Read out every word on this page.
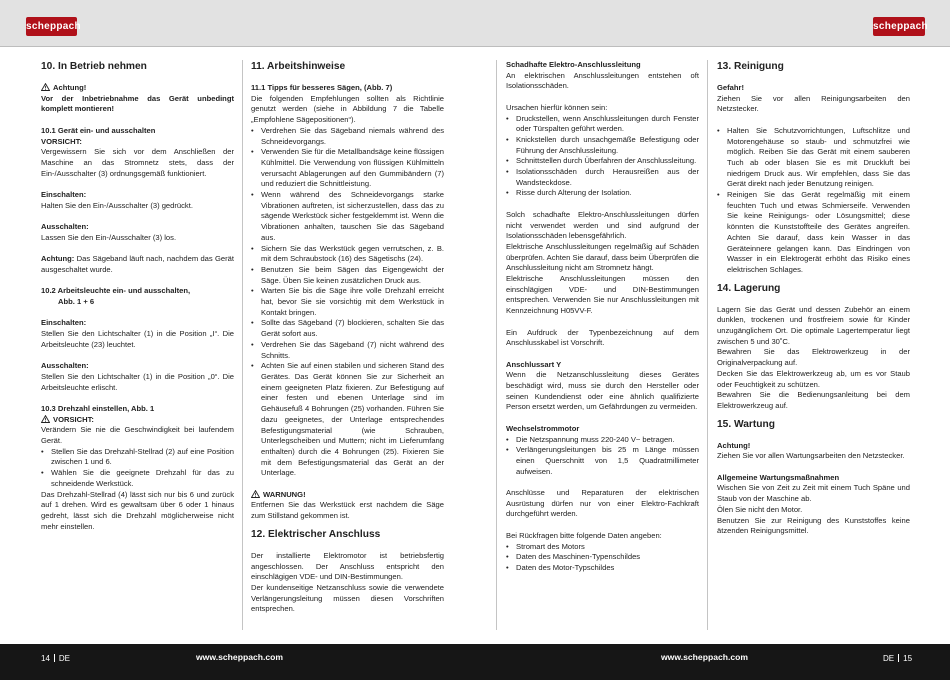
scheppach	scheppach
10. In Betrieb nehmen

Achtung!

Vor der Inbetriebnahme das Gerät unbedingt komplett montieren!

10.1 Gerät ein- und ausschalten

VORSICHT:

Vergewissern Sie sich vor dem Anschließen der Maschine an das Stromnetz stets, dass der Ein-/Ausschalter (3) ordnungsgemäß funktioniert.

Einschalten:

Halten Sie den Ein-/Ausschalter (3) gedrückt.

Ausschalten:

Lassen Sie den Ein-/Ausschalter (3) los.

Achtung: Das Sägeband läuft nach, nachdem das Gerät ausgeschaltet wurde.

10.2 Arbeitsleuchte ein- und ausschalten,

Abb. 1 + 6

Einschalten:

Stellen Sie den Lichtschalter (1) in die Position „I“. Die Arbeitsleuchte (23) leuchtet.

Ausschalten:

Stellen Sie den Lichtschalter (1) in die Position „0“. Die Arbeitsleuchte erlischt.

10.3 Drehzahl einstellen, Abb. 1

VORSICHT:

Verändern Sie nie die Geschwindigkeit bei laufendem Gerät.

• Stellen Sie das Drehzahl-Stellrad (2) auf eine Position zwischen 1 und 6.

• Wählen Sie die geeignete Drehzahl für das zu schneidende Werkstück.

Das Drehzahl-Stellrad (4) lässt sich nur bis 6 und zurück auf 1 drehen. Wird es gewaltsam über 6 oder 1 hinaus gedreht, lässt sich die Drehzahl möglicherweise nicht mehr einstellen.

11. Arbeitshinweise

11.1 Tipps für besseres Sägen, (Abb. 7)

Die folgenden Empfehlungen sollten als Richtlinie genutzt werden (siehe in Abbildung 7 die Tabelle „Empfohlene Sägepositionen“).

• Verdrehen Sie das Sägeband niemals während des Schneidevorgangs.

• Verwenden Sie für die Metallbandsäge keine flüssigen Kühlmittel. Die Verwendung von flüssigen Kühlmitteln verursacht Ablagerungen auf den Gummibändern (7) und reduziert die Schnittleistung.

• Wenn während des Schneidevorgangs starke Vibrationen auftreten, ist sicherzustellen, dass das zu sägende Werkstück sicher festgeklemmt ist. Wenn die Vibrationen anhalten, tauschen Sie das Sägeband aus.

• Sichern Sie das Werkstück gegen verrutschen, z. B. mit dem Schraubstock (16) des Sägetischs (24).

• Benutzen Sie beim Sägen das Eigengewicht der Säge. Üben Sie keinen zusätzlichen Druck aus.

• Warten Sie bis die Säge ihre volle Drehzahl erreicht hat, bevor Sie sie vorsichtig mit dem Werkstück in Kontakt bringen.

• Sollte das Sägeband (7) blockieren, schalten Sie das Gerät sofort aus.

• Verdrehen Sie das Sägeband (7) nicht während des Schnitts.

• Achten Sie auf einen stabilen und sicheren Stand des Gerätes. Das Gerät können Sie zur Sicherheit an einem geeigneten Platz fixieren. Zur Befestigung auf einer festen und ebenen Unterlage sind im Gehäusefuß 4 Bohrungen (25) vorhanden. Führen Sie dazu geeignetes, der Unterlage entsprechendes Befestigungsmaterial (wie Schrauben, Unterlegscheiben und Muttern; nicht im Lieferumfang enthalten) durch die 4 Bohrungen (25). Fixieren Sie mit dem Befestigungsmaterial das Gerät an der Unterlage.

WARNUNG!

Entfernen Sie das Werkstück erst nachdem die Säge zum Stillstand gekommen ist.

12. Elektrischer Anschluss

Der installierte Elektromotor ist betriebsfertig angeschlossen. Der Anschluss entspricht den einschlägigen VDE- und DIN-Bestimmungen.

Der kundenseitige Netzanschluss sowie die verwendete Verlängerungsleitung müssen diesen Vorschriften entsprechen.

Schadhafte Elektro-Anschlussleitung

An elektrischen Anschlussleitungen entstehen oft Isolationsschäden.

Ursachen hierfür können sein:

• Druckstellen, wenn Anschlussleitungen durch Fenster oder Türspalten geführt werden.

• Knickstellen durch unsachgemäße Befestigung oder Führung der Anschlussleitung.

• Schnittstellen durch Überfahren der Anschlussleitung.

• Isolationsschäden durch Herausreißen aus der Wandsteckdose.

• Risse durch Alterung der Isolation.

Solch schadhafte Elektro-Anschlussleitungen dürfen nicht verwendet werden und sind aufgrund der Isolationsschäden lebensgefährlich.

Elektrische Anschlussleitungen regelmäßig auf Schäden überprüfen. Achten Sie darauf, dass beim Überprüfen die Anschlussleitung nicht am Stromnetz hängt.

Elektrische Anschlussleitungen müssen den einschlägigen VDE- und DIN-Bestimmungen entsprechen. Verwenden Sie nur Anschlussleitungen mit Kennzeichnung H05VV-F.

Ein Aufdruck der Typenbezeichnung auf dem Anschlusskabel ist Vorschrift.

Anschlussart Y

Wenn die Netzanschlussleitung dieses Gerätes beschädigt wird, muss sie durch den Hersteller oder seinen Kundendienst oder eine ähnlich qualifizierte Person ersetzt werden, um Gefährdungen zu vermeiden.

Wechselstrommotor

• Die Netzspannung muss 220-240 V~ betragen.

• Verlängerungsleitungen bis 25 m Länge müssen einen Querschnitt von 1,5 Quadratmillimeter aufweisen.

Anschlüsse und Reparaturen der elektrischen Ausrüstung dürfen nur von einer Elektro-Fachkraft durchgeführt werden.

Bei Rückfragen bitte folgende Daten angeben:

• Stromart des Motors

• Daten des Maschinen-Typenschildes

• Daten des Motor-Typschildes

13. Reinigung

Gefahr!

Ziehen Sie vor allen Reinigungsarbeiten den Netzstecker.

• Halten Sie Schutzvorrichtungen, Luftschlitze und Motorengehäuse so staub- und schmutzfrei wie möglich. Reiben Sie das Gerät mit einem sauberen Tuch ab oder blasen Sie es mit Druckluft bei niedrigem Druck aus. Wir empfehlen, dass Sie das Gerät direkt nach jeder Benutzung reinigen.

• Reinigen Sie das Gerät regelmäßig mit einem feuchten Tuch und etwas Schmierseife. Verwenden Sie keine Reinigungs- oder Lösungsmittel; diese könnten die Kunststoffteile des Gerätes angreifen. Achten Sie darauf, dass kein Wasser in das Geräteinnere gelangen kann. Das Eindringen von Wasser in ein Elektrogerät erhöht das Risiko eines elektrischen Schlages.

14. Lagerung

Lagern Sie das Gerät und dessen Zubehör an einem dunklen, trockenen und frostfreiem sowie für Kinder unzugänglichem Ort. Die optimale Lagertemperatur liegt zwischen 5 und 30˚C.

Bewahren Sie das Elektrowerkzeug in der Originalverpackung auf.

Decken Sie das Elektrowerkzeug ab, um es vor Staub oder Feuchtigkeit zu schützen.

Bewahren Sie die Bedienungsanleitung bei dem Elektrowerkzeug auf.

15. Wartung

Achtung!

Ziehen Sie vor allen Wartungsarbeiten den Netzstecker.

Allgemeine Wartungsmaßnahmen

Wischen Sie von Zeit zu Zeit mit einem Tuch Späne und Staub von der Maschine ab.

Ölen Sie nicht den Motor.

Benutzen Sie zur Reinigung des Kunststoffes keine ätzenden Reinigungsmittel.

14 DE	www.scheppach.com	www.scheppach.com	DE 15
